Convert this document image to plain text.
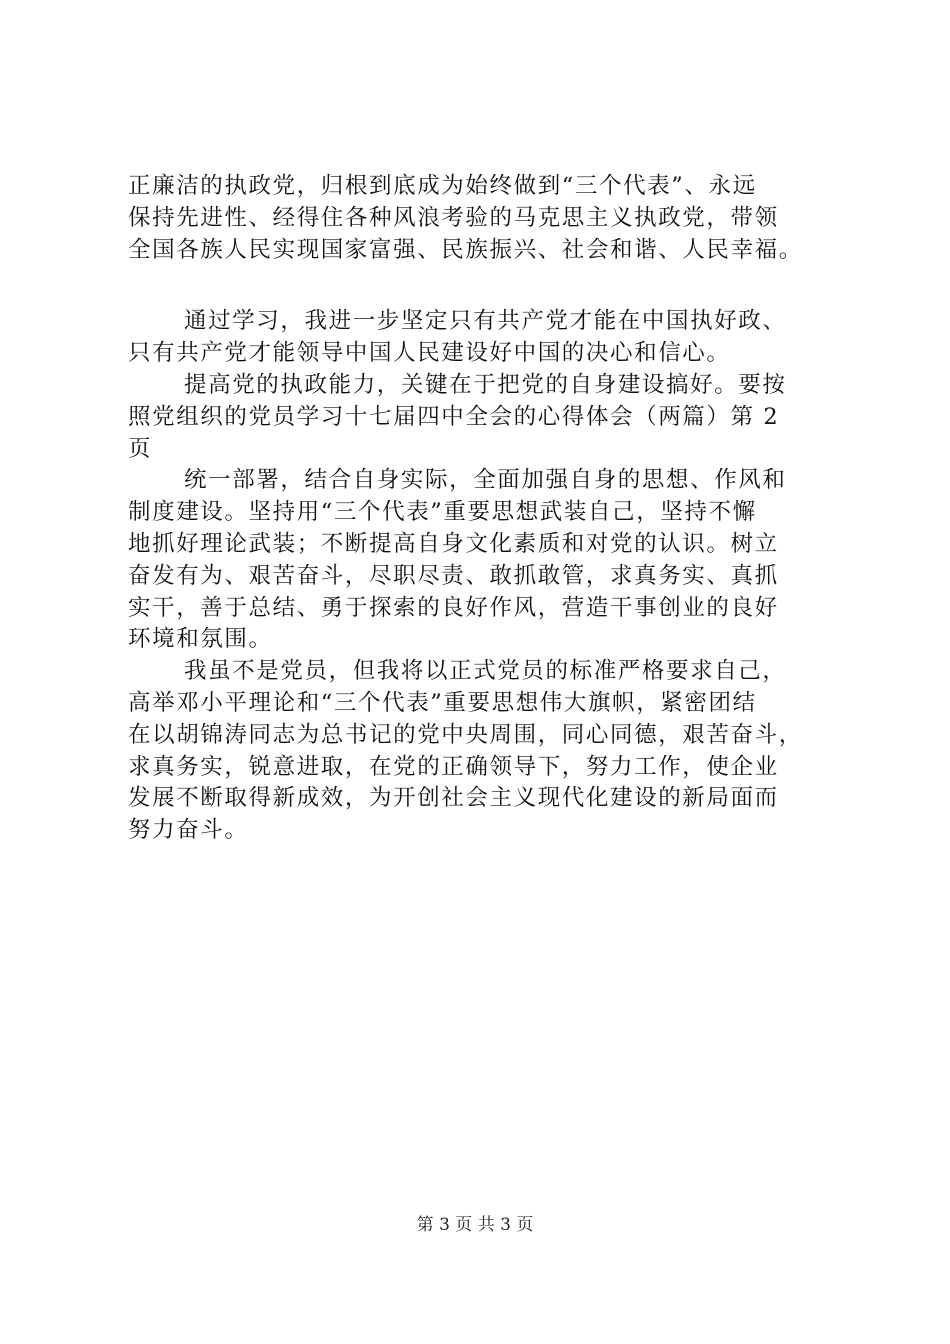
正廉洁的执政党，归根到底成为始终做到“三个代表”、永远
保持先进性、经得住各种风浪考验的马克思主义执政党，带领
全国各族人民实现国家富强、民族振兴、社会和谐、人民幸福。
通过学习，我进一步坚定只有共产党才能在中国执好政、
只有共产党才能领导中国人民建设好中国的决心和信心。
提高党的执政能力，关键在于把党的自身建设搞好。要按
照党组织的党员学习十七届四中全会的心得体会（两篇）第 2
页
统一部署，结合自身实际，全面加强自身的思想、作风和
制度建设。坚持用“三个代表”重要思想武装自己，坚持不懈
地抓好理论武装；不断提高自身文化素质和对党的认识。树立
奋发有为、艰苦奋斗，尽职尽责、敢抓敢管，求真务实、真抓
实干，善于总结、勇于探索的良好作风，营造干事创业的良好
环境和氛围。
我虽不是党员，但我将以正式党员的标准严格要求自己，
高举邓小平理论和“三个代表”重要思想伟大旗帜，紧密团结
在以胡锦涛同志为总书记的党中央周围，同心同德，艰苦奋斗，
求真务实，锐意进取，在党的正确领导下，努力工作，使企业
发展不断取得新成效，为开创社会主义现代化建设的新局面而
努力奋斗。
第 3 页 共 3 页
